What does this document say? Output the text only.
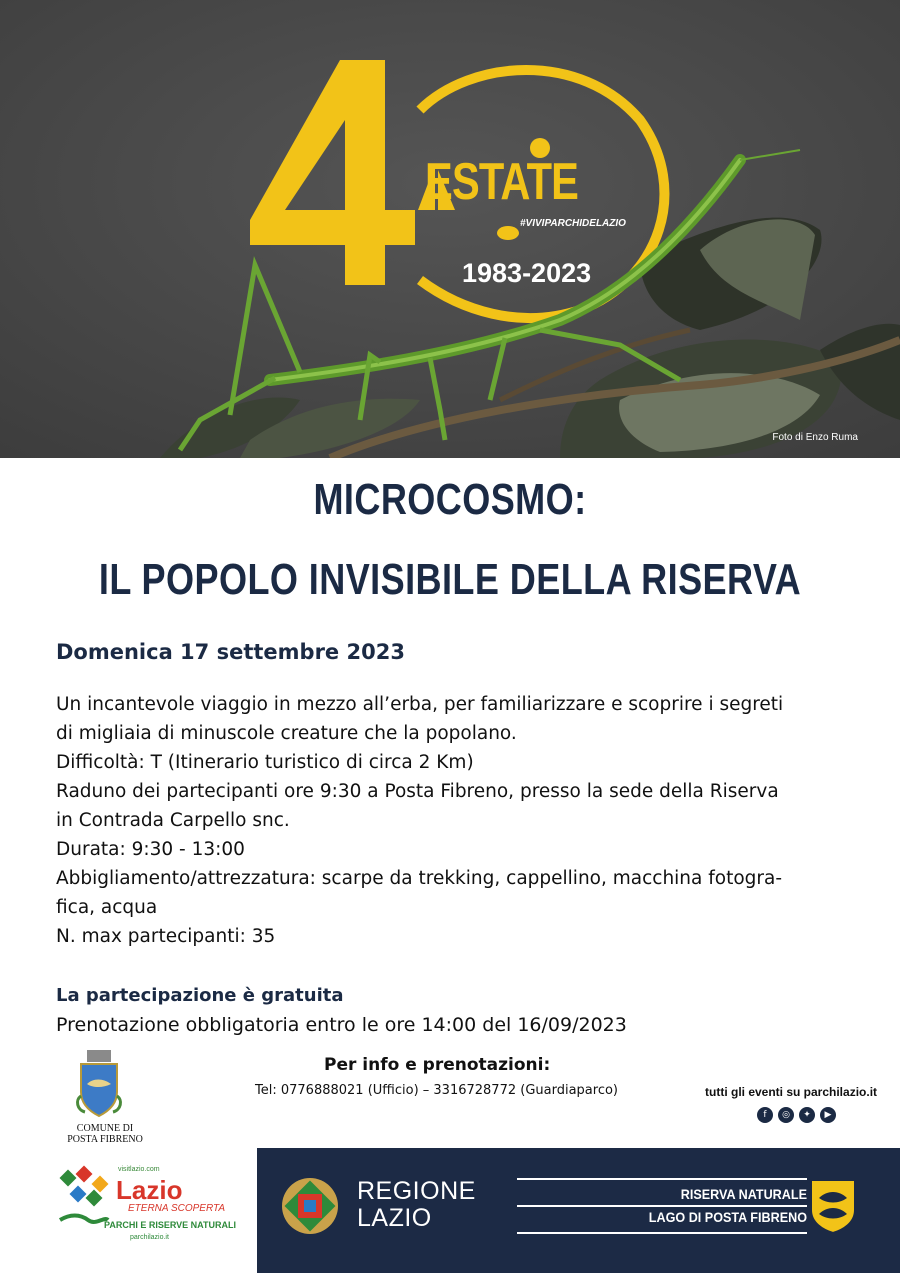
ESTATE
#VIVIPARCHIDELAZIO
1983-2023
Foto di Enzo Ruma
MICROCOSMO:
IL POPOLO INVISIBILE DELLA RISERVA
Domenica 17 settembre 2023
Un incantevole viaggio in mezzo all’erba, per familiarizzare e scoprire i segreti
di migliaia di minuscole creature che la popolano.
Difficoltà: T (Itinerario turistico di circa 2 Km)
Raduno dei partecipanti ore 9:30 a Posta Fibreno, presso la sede della Riserva
in Contrada Carpello snc.
Durata: 9:30 - 13:00
Abbigliamento/attrezzatura: scarpe da trekking, cappellino, macchina fotogra-
fica, acqua
N. max partecipanti: 35
La partecipazione è gratuita
Prenotazione obbligatoria entro le ore 14:00 del 16/09/2023
COMUNE DI
POSTA FIBRENO
visitlazio.com
Lazio
ETERNA SCOPERTA
PARCHI E RISERVE NATURALI
parchilazio.it
Per info e prenotazioni:
Tel: 0776888021 (Ufficio) – 3316728772 (Guardiaparco)	tutti gli eventi su parchilazio.it
f	◎	✦	▶
REGIONE
LAZIO
RISERVA NATURALE
LAGO DI POSTA FIBRENO
